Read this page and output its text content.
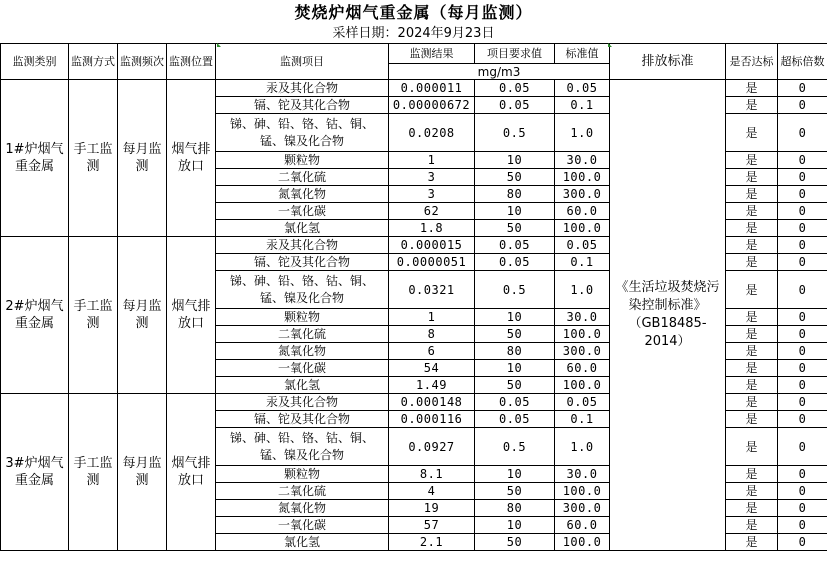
焚烧炉烟气重金属（每月监测）
采样日期：2024年9月23日
监测类别	监测方式	监测频次	监测位置	监测项目	监测结果	项目要求值	标准值	排放标准	是否达标	超标倍数
					mg/m3					
1#炉烟气重金属	手工监测	每月监测	烟气排放口	汞及其化合物	0.000011	0.05	0.05	《生活垃圾焚烧污染控制标准》（GB18485-2014）	是	0
				镉、铊及其化合物	0.00000672	0.05	0.1		是	0
				锑、砷、铅、铬、钴、铜、锰、镍及化合物	0.0208	0.5	1.0		是	0
				颗粒物	1	10	30.0		是	0
				二氧化硫	3	50	100.0		是	0
				氮氧化物	3	80	300.0		是	0
				一氧化碳	62	10	60.0		是	0
				氯化氢	1.8	50	100.0		是	0
2#炉烟气重金属	手工监测	每月监测	烟气排放口	汞及其化合物	0.000015	0.05	0.05		是	0
				镉、铊及其化合物	0.0000051	0.05	0.1		是	0
				锑、砷、铅、铬、钴、铜、锰、镍及化合物	0.0321	0.5	1.0		是	0
				颗粒物	1	10	30.0		是	0
				二氧化硫	8	50	100.0		是	0
				氮氧化物	6	80	300.0		是	0
				一氧化碳	54	10	60.0		是	0
				氯化氢	1.49	50	100.0		是	0
3#炉烟气重金属	手工监测	每月监测	烟气排放口	汞及其化合物	0.000148	0.05	0.05		是	0
				镉、铊及其化合物	0.000116	0.05	0.1		是	0
				锑、砷、铅、铬、钴、铜、锰、镍及化合物	0.0927	0.5	1.0		是	0
				颗粒物	8.1	10	30.0		是	0
				二氧化硫	4	50	100.0		是	0
				氮氧化物	19	80	300.0		是	0
				一氧化碳	57	10	60.0		是	0
				氯化氢	2.1	50	100.0		是	0
